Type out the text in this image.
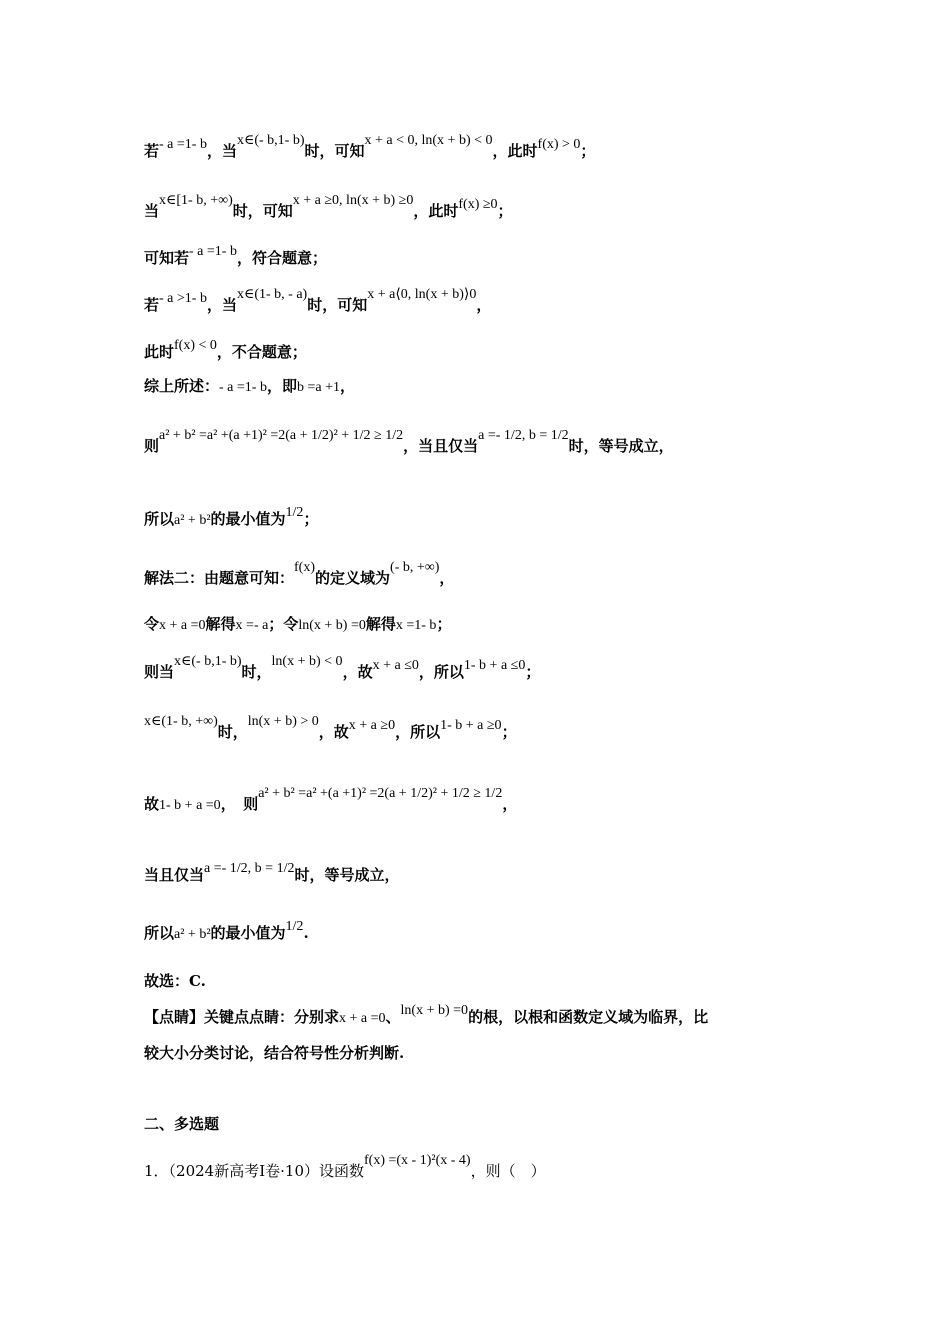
若- a =1- b，当x∈(- b,1- b)时，可知x + a < 0, ln(x + b) < 0，此时f(x) > 0；
当x∈[1- b, +∞)时，可知x + a ≥0, ln(x + b) ≥0，此时f(x) ≥0；
可知若- a =1- b，符合题意；
若- a >1- b，当x∈(1- b, - a)时，可知x + a⟨0, ln(x + b)⟩0，
此时f(x) < 0，不合题意；
综上所述：- a =1- b，即b =a +1，
则a² + b² =a² +(a +1)² =2(a + 1/2)² + 1/2 ≥ 1/2，当且仅当a =- 1/2, b = 1/2时，等号成立，
所以a² + b²的最小值为1/2；
解法二：由题意可知：f(x)的定义域为(- b, +∞)，
令x + a =0解得x =- a；令ln(x + b) =0解得x =1- b；
则当x∈(- b,1- b)时，ln(x + b) < 0，故x + a ≤0，所以1- b + a ≤0；
x∈(1- b, +∞)时，ln(x + b) > 0，故x + a ≥0，所以1- b + a ≥0；
故1- b + a =0，　则a² + b² =a² +(a +1)² =2(a + 1/2)² + 1/2 ≥ 1/2，
当且仅当a =- 1/2, b = 1/2时，等号成立，
所以a² + b²的最小值为1/2.
故选：C.
【点睛】关键点点睛：分别求x + a =0、ln(x + b) =0的根，以根和函数定义域为临界，比
较大小分类讨论，结合符号性分析判断.
二、多选题
1．（2024新高考Ⅰ卷·10）设函数f(x) =(x - 1)²(x - 4)，则（　）
